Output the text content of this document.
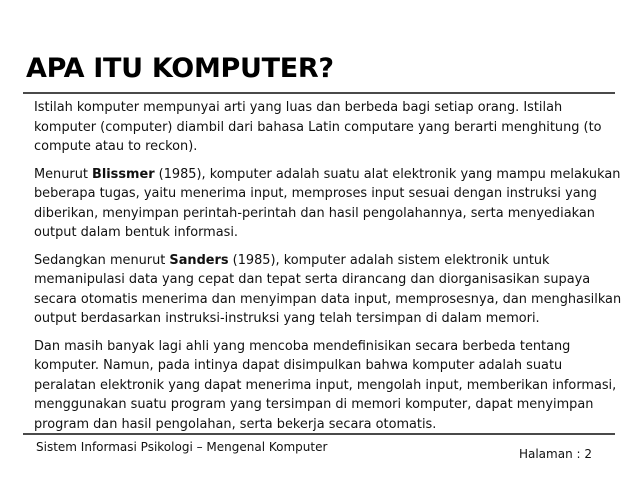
APA ITU KOMPUTER?

Istilah komputer mempunyai arti yang luas dan berbeda bagi setiap orang. Istilah
komputer (computer) diambil dari bahasa Latin computare yang berarti menghitung (to
compute atau to reckon).

Menurut Blissmer (1985), komputer adalah suatu alat elektronik yang mampu melakukan
beberapa tugas, yaitu menerima input, memproses input sesuai dengan instruksi yang
diberikan, menyimpan perintah-perintah dan hasil pengolahannya, serta menyediakan
output dalam bentuk informasi.

Sedangkan menurut Sanders (1985), komputer adalah sistem elektronik untuk
memanipulasi data yang cepat dan tepat serta dirancang dan diorganisasikan supaya
secara otomatis menerima dan menyimpan data input, memprosesnya, dan menghasilkan
output berdasarkan instruksi-instruksi yang telah tersimpan di dalam memori.

Dan masih banyak lagi ahli yang mencoba mendefinisikan secara berbeda tentang
komputer. Namun, pada intinya dapat disimpulkan bahwa komputer adalah suatu
peralatan elektronik yang dapat menerima input, mengolah input, memberikan informasi,
menggunakan suatu program yang tersimpan di memori komputer, dapat menyimpan
program dan hasil pengolahan, serta bekerja secara otomatis.

Sistem Informasi Psikologi – Mengenal Komputer	Halaman : 2
